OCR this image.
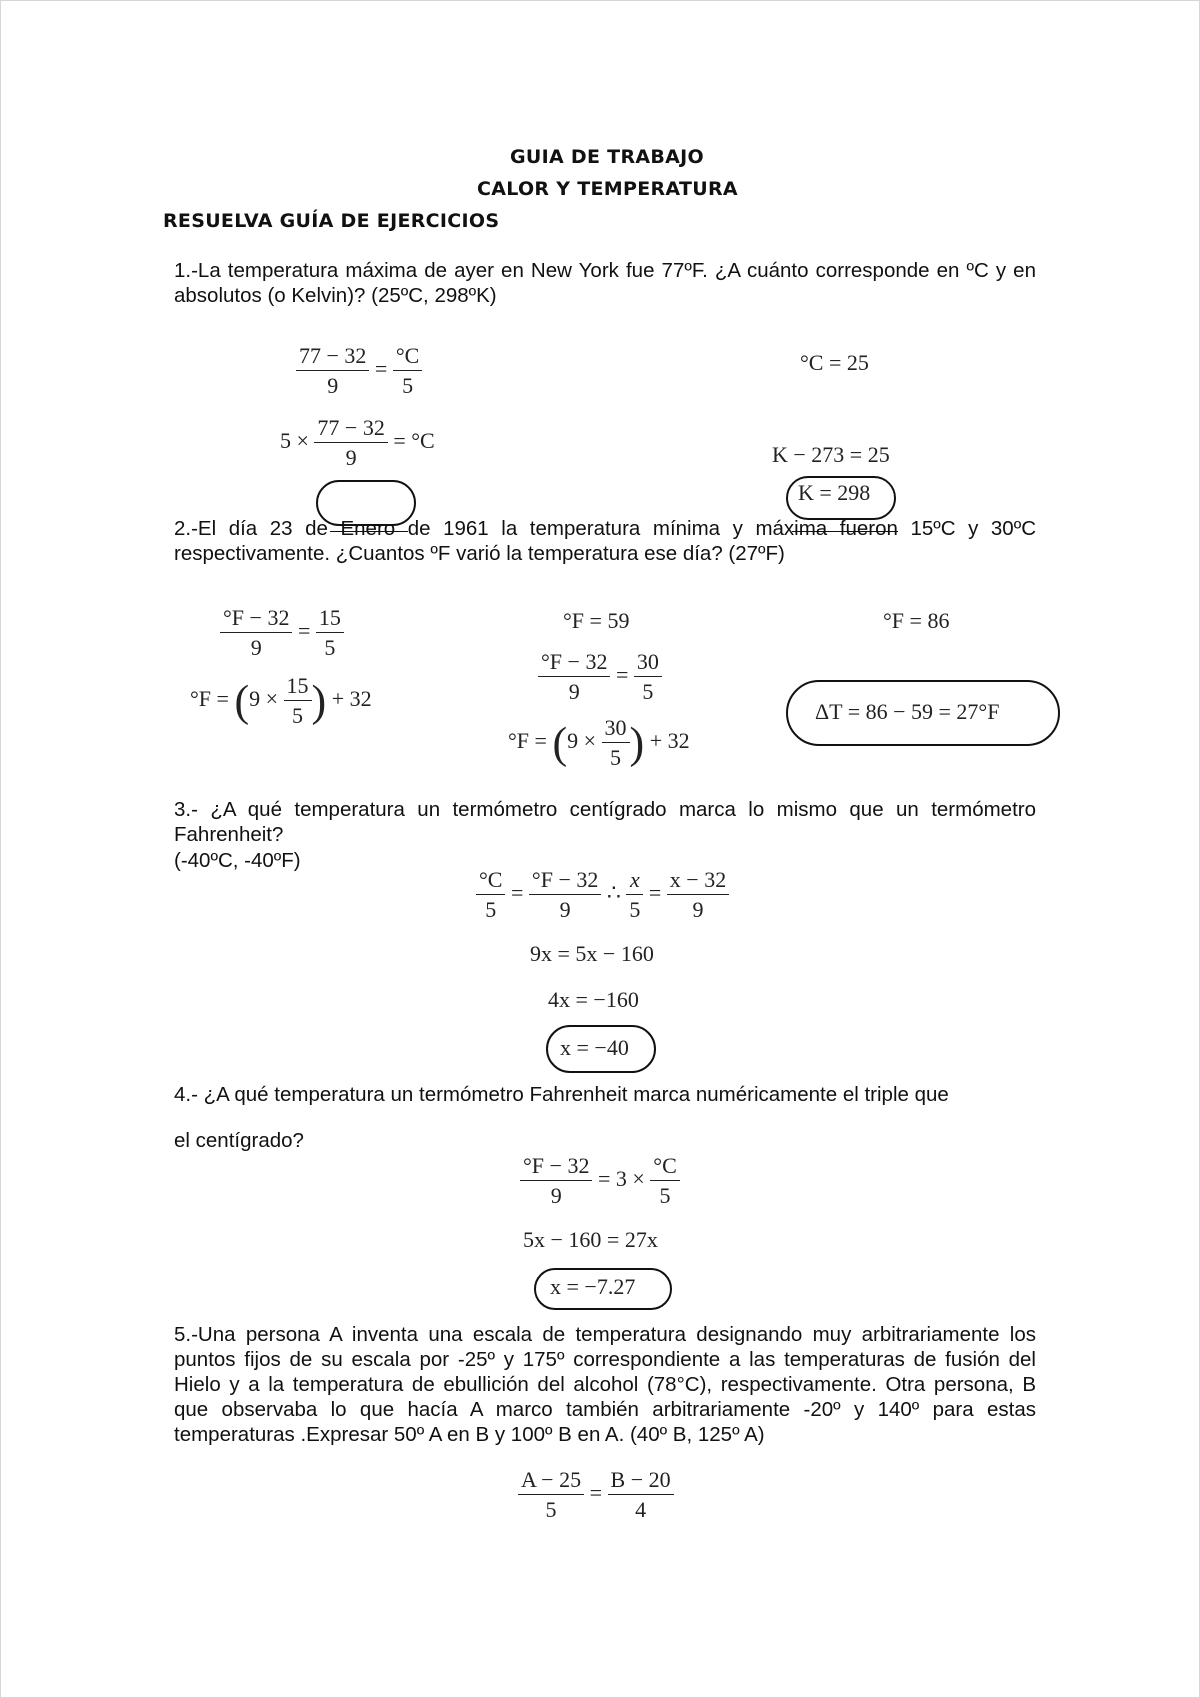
GUIA DE TRABAJO
CALOR Y TEMPERATURA
RESUELVA GUÍA DE EJERCICIOS

1.-La temperatura máxima de ayer en New York fue 77ºF. ¿A cuánto corresponde en ºC y en absolutos (o Kelvin)? (25ºC, 298ºK)

$\frac{77 - 32}{9} = \frac{^\circ C}{5}$
$5 \times \frac{77 - 32}{9} = ^\circ C$
°C = 25
K − 273 = 25
K = 298

2.-El día 23 de Enero de 1961 la temperatura mínima y máxima fueron 15ºC y 30ºC respectivamente. ¿Cuantos ºF varió la temperatura ese día? (27ºF)

$\frac{^\circ F - 32}{9} = \frac{15}{5}$
$^\circ F = (9 \times \frac{15}{5}$ ) + 32
°F = 59
$\frac{^\circ F - 32}{9} = \frac{30}{5}$
$^\circ F = (9 \times \frac{30}{5}$ ) + 32
°F = 86
ΔT = 86 − 59 = 27°F

3.- ¿A qué temperatura un termómetro centígrado marca lo mismo que un termómetro Fahrenheit?

(-40ºC, -40ºF)
$\frac{^\circ C}{5} = \frac{^\circ F - 32}{9}$ ∴ $\frac{x}{5} = \frac{x - 32}{9}$
9x = 5x − 160
4x = −160
x = −40
4.- ¿A qué temperatura un termómetro Fahrenheit marca numéricamente el triple que
el centígrado?
$\frac{^\circ F - 32}{9} = 3 \times \frac{^\circ C}{5}$
5x − 160 = 27x
x = −7.27

5.-Una persona A inventa una escala de temperatura designando muy arbitrariamente los puntos fijos de su escala por -25º y 175º correspondiente a las temperaturas de fusión del Hielo y a la temperatura de ebullición del alcohol (78°C), respectivamente. Otra persona, B que observaba lo que hacía A marco también arbitrariamente -20º y 140º para estas temperaturas .Expresar 50º A en B y 100º B en A. (40º B, 125º A)

$\frac{A - 25}{5} = \frac{B - 20}{4}$
